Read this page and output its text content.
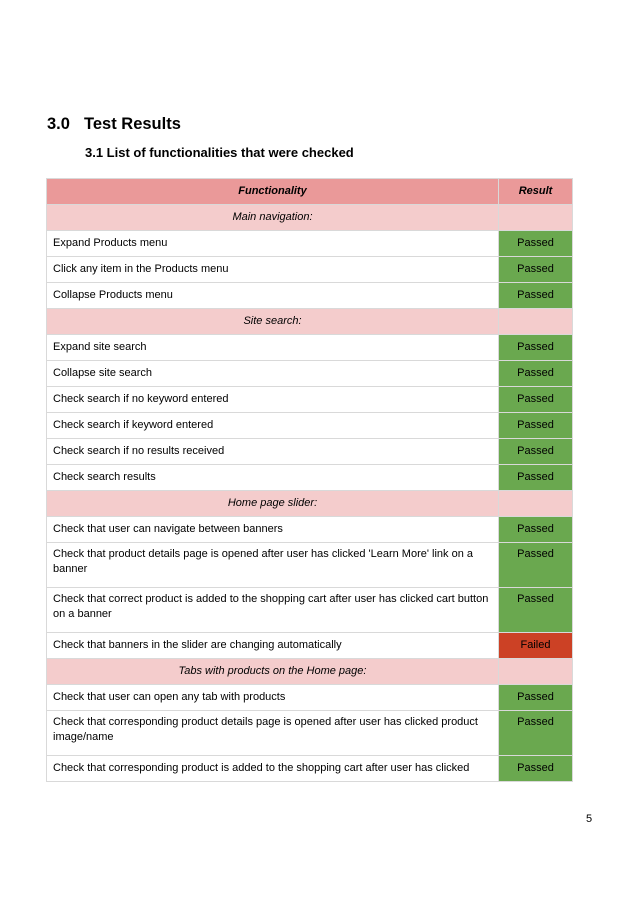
3.0 Test Results
3.1 List of functionalities that were checked
Functionality	Result
Main navigation:	
Expand Products menu	Passed
Click any item in the Products menu	Passed
Collapse Products menu	Passed
Site search:	
Expand site search	Passed
Collapse site search	Passed
Check search if no keyword entered	Passed
Check search if keyword entered	Passed
Check search if no results received	Passed
Check search results	Passed
Home page slider:	
Check that user can navigate between banners	Passed
Check that product details page is opened after user has clicked 'Learn More' link on a banner	Passed
Check that correct product is added to the shopping cart after user has clicked cart button on a banner	Passed
Check that banners in the slider are changing automatically	Failed
Tabs with products on the Home page:	
Check that user can open any tab with products	Passed
Check that corresponding product details page is opened after user has clicked product image/name	Passed
Check that corresponding product is added to the shopping cart after user has clicked	Passed
5
